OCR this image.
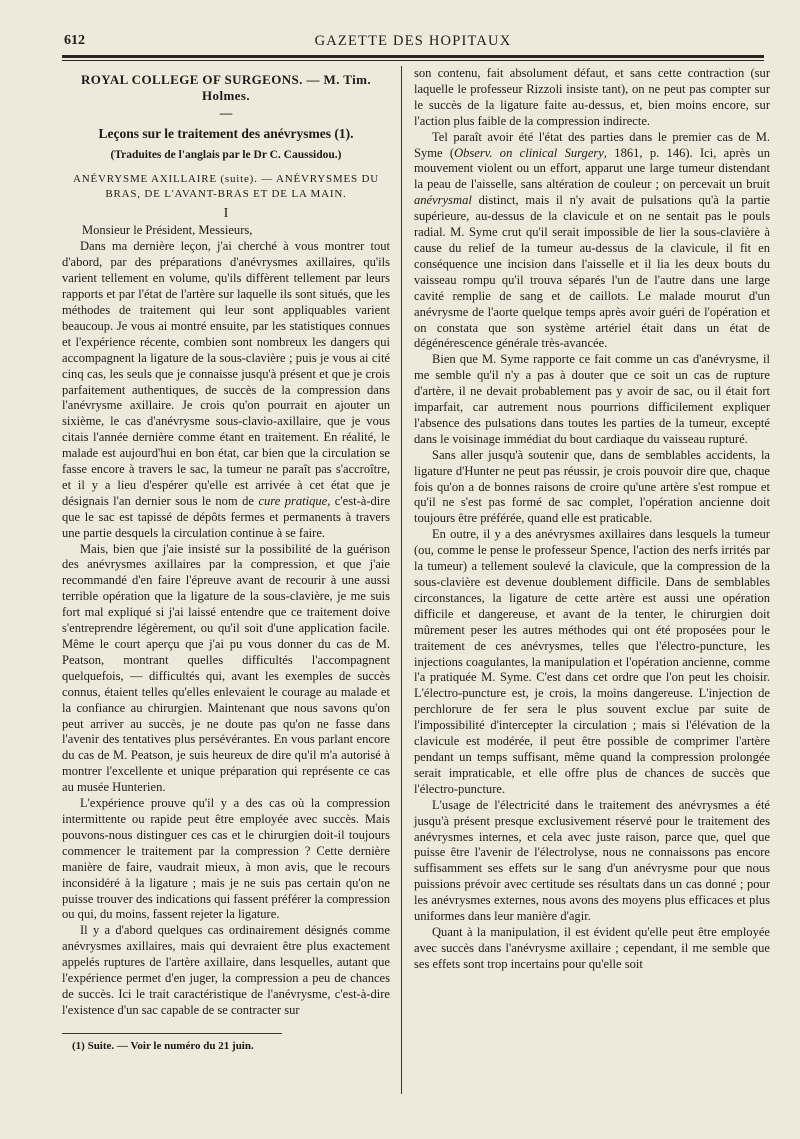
612	GAZETTE DES HOPITAUX

ROYAL COLLEGE OF SURGEONS. — M. Tim. Holmes.

—

Leçons sur le traitement des anévrysmes (1).

(Traduites de l'anglais par le Dr C. Caussidou.)

ANÉVRYSME AXILLAIRE (suite). — ANÉVRYSMES DU BRAS, DE L'AVANT-BRAS ET DE LA MAIN.

I

Monsieur le Président, Messieurs,

Dans ma dernière leçon, j'ai cherché à vous montrer tout d'abord, par des préparations d'anévrysmes axillaires, qu'ils varient tellement en volume, qu'ils diffèrent tellement par leurs rapports et par l'état de l'artère sur laquelle ils sont situés, que les méthodes de traitement qui leur sont appliquables varient beaucoup. Je vous ai montré ensuite, par les statistiques connues et l'expérience récente, combien sont nombreux les dangers qui accompagnent la ligature de la sous-clavière ; puis je vous ai cité cinq cas, les seuls que je connaisse jusqu'à présent et que je crois parfaitement authentiques, de succès de la compression dans l'anévrysme axillaire. Je crois qu'on pourrait en ajouter un sixième, le cas d'anévrysme sous-clavio-axillaire, que je vous citais l'année dernière comme étant en traitement. En réalité, le malade est aujourd'hui en bon état, car bien que la circulation se fasse encore à travers le sac, la tumeur ne paraît pas s'accroître, et il y a lieu d'espérer qu'elle est arrivée à cet état que je désignais l'an dernier sous le nom de cure pratique, c'est-à-dire que le sac est tapissé de dépôts fermes et permanents à travers une partie desquels la circulation continue à se faire.

Mais, bien que j'aie insisté sur la possibilité de la guérison des anévrysmes axillaires par la compression, et que j'aie recommandé d'en faire l'épreuve avant de recourir à une aussi terrible opération que la ligature de la sous-clavière, je me suis fort mal expliqué si j'ai laissé entendre que ce traitement doive s'entreprendre légèrement, ou qu'il soit d'une application facile. Même le court aperçu que j'ai pu vous donner du cas de M. Peatson, montrant quelles difficultés l'accompagnent quelquefois, — difficultés qui, avant les exemples de succès connus, étaient telles qu'elles enlevaient le courage au malade et la confiance au chirurgien. Maintenant que nous savons qu'on peut arriver au succès, je ne doute pas qu'on ne fasse dans l'avenir des tentatives plus persévérantes. En vous parlant encore du cas de M. Peatson, je suis heureux de dire qu'il m'a autorisé à montrer l'excellente et unique préparation qui représente ce cas au musée Hunterien.

L'expérience prouve qu'il y a des cas où la compression intermittente ou rapide peut être employée avec succès. Mais pouvons-nous distinguer ces cas et le chirurgien doit-il toujours commencer le traitement par la compression ? Cette dernière manière de faire, vaudrait mieux, à mon avis, que le recours inconsidéré à la ligature ; mais je ne suis pas certain qu'on ne puisse trouver des indications qui fassent préférer la compression ou qui, du moins, fassent rejeter la ligature.

Il y a d'abord quelques cas ordinairement désignés comme anévrysmes axillaires, mais qui devraient être plus exactement appelés ruptures de l'artère axillaire, dans lesquelles, autant que l'expérience permet d'en juger, la compression a peu de chances de succès. Ici le trait caractéristique de l'anévrysme, c'est-à-dire l'existence d'un sac capable de se contracter sur

(1) Suite. — Voir le numéro du 21 juin.

son contenu, fait absolument défaut, et sans cette contraction (sur laquelle le professeur Rizzoli insiste tant), on ne peut pas compter sur le succès de la ligature faite au-dessus, et, bien moins encore, sur l'action plus faible de la compression indirecte.

Tel paraît avoir été l'état des parties dans le premier cas de M. Syme (Observ. on clinical Surgery, 1861, p. 146). Ici, après un mouvement violent ou un effort, apparut une large tumeur distendant la peau de l'aisselle, sans altération de couleur ; on percevait un bruit anévrysmal distinct, mais il n'y avait de pulsations qu'à la partie supérieure, au-dessus de la clavicule et on ne sentait pas le pouls radial. M. Syme crut qu'il serait impossible de lier la sous-clavière à cause du relief de la tumeur au-dessus de la clavicule, il fit en conséquence une incision dans l'aisselle et il lia les deux bouts du vaisseau rompu qu'il trouva séparés l'un de l'autre dans une large cavité remplie de sang et de caillots. Le malade mourut d'un anévrysme de l'aorte quelque temps après avoir guéri de l'opération et on constata que son système artériel était dans un état de dégénérescence générale très-avancée.

Bien que M. Syme rapporte ce fait comme un cas d'anévrysme, il me semble qu'il n'y a pas à douter que ce soit un cas de rupture d'artère, il ne devait probablement pas y avoir de sac, ou il était fort imparfait, car autrement nous pourrions difficilement expliquer l'absence des pulsations dans toutes les parties de la tumeur, excepté dans le voisinage immédiat du bout cardiaque du vaisseau rupturé.

Sans aller jusqu'à soutenir que, dans de semblables accidents, la ligature d'Hunter ne peut pas réussir, je crois pouvoir dire que, chaque fois qu'on a de bonnes raisons de croire qu'une artère s'est rompue et qu'il ne s'est pas formé de sac complet, l'opération ancienne doit toujours être préférée, quand elle est praticable.

En outre, il y a des anévrysmes axillaires dans lesquels la tumeur (ou, comme le pense le professeur Spence, l'action des nerfs irrités par la tumeur) a tellement soulevé la clavicule, que la compression de la sous-clavière est devenue doublement difficile. Dans de semblables circonstances, la ligature de cette artère est aussi une opération difficile et dangereuse, et avant de la tenter, le chirurgien doit mûrement peser les autres méthodes qui ont été proposées pour le traitement de ces anévrysmes, telles que l'électro-puncture, les injections coagulantes, la manipulation et l'opération ancienne, comme l'a pratiquée M. Syme. C'est dans cet ordre que l'on peut les choisir. L'électro-puncture est, je crois, la moins dangereuse. L'injection de perchlorure de fer sera le plus souvent exclue par suite de l'impossibilité d'intercepter la circulation ; mais si l'élévation de la clavicule est modérée, il peut être possible de comprimer l'artère pendant un temps suffisant, même quand la compression prolongée serait impraticable, et elle offre plus de chances de succès que l'électro-puncture.

L'usage de l'électricité dans le traitement des anévrysmes a été jusqu'à présent presque exclusivement réservé pour le traitement des anévrysmes internes, et cela avec juste raison, parce que, quel que puisse être l'avenir de l'électrolyse, nous ne connaissons pas encore suffisamment ses effets sur le sang d'un anévrysme pour que nous puissions prévoir avec certitude ses résultats dans un cas donné ; pour les anévrysmes externes, nous avons des moyens plus efficaces et plus uniformes dans leur manière d'agir.

Quant à la manipulation, il est évident qu'elle peut être employée avec succès dans l'anévrysme axillaire ; cependant, il me semble que ses effets sont trop incertains pour qu'elle soit
